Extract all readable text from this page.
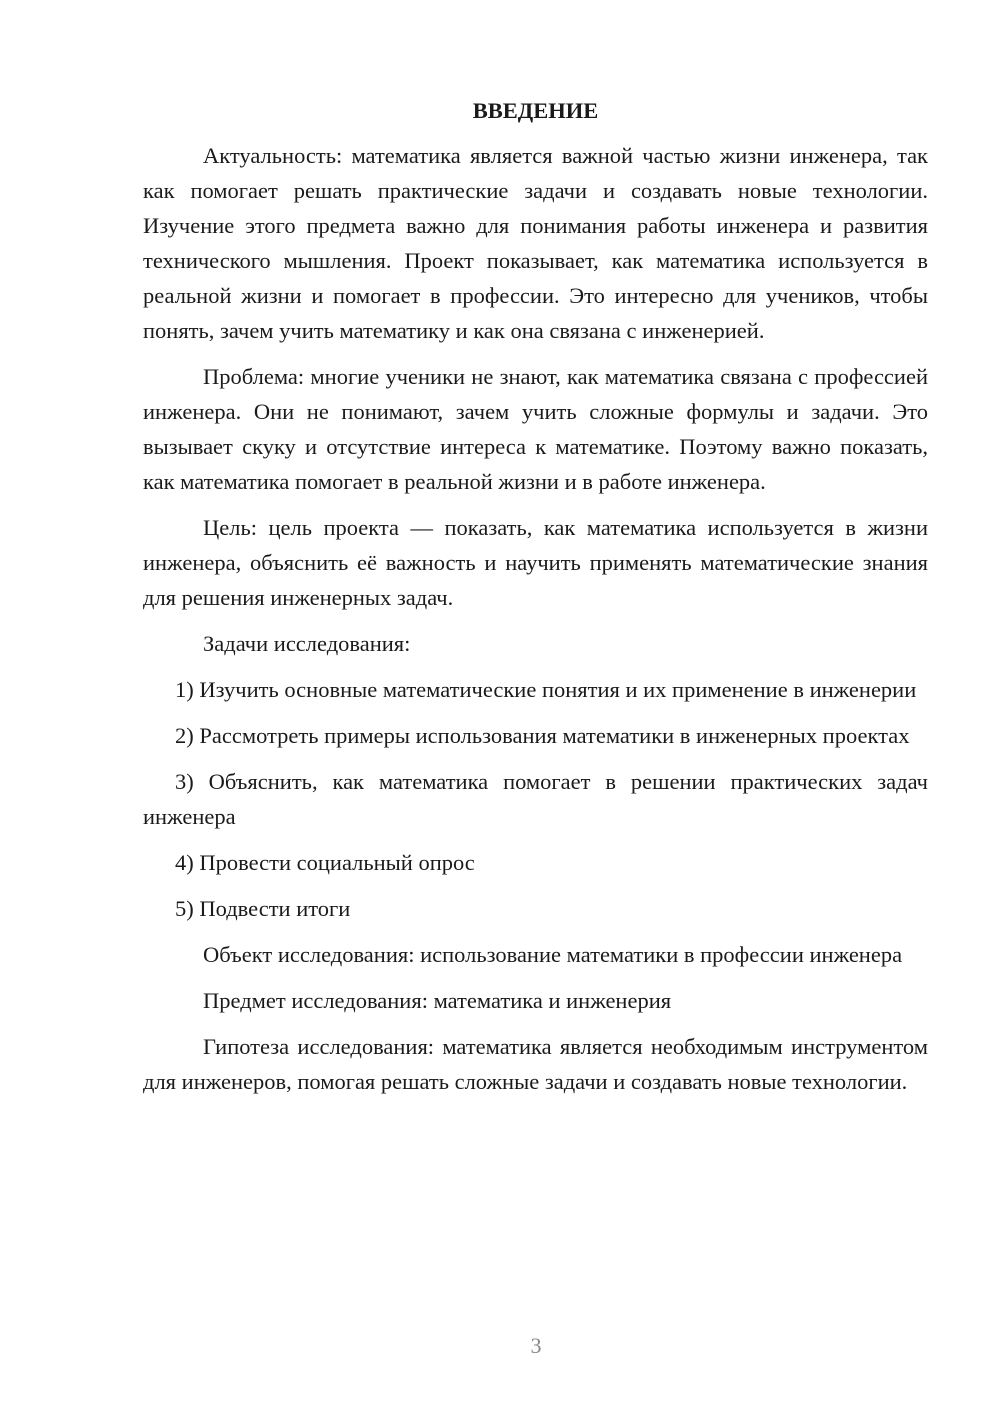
ВВЕДЕНИЕ

Актуальность: математика является важной частью жизни инженера, так как помогает решать практические задачи и создавать новые технологии. Изучение этого предмета важно для понимания работы инженера и развития технического мышления. Проект показывает, как математика используется в реальной жизни и помогает в профессии. Это интересно для учеников, чтобы понять, зачем учить математику и как она связана с инженерией.

Проблема: многие ученики не знают, как математика связана с профессией инженера. Они не понимают, зачем учить сложные формулы и задачи. Это вызывает скуку и отсутствие интереса к математике. Поэтому важно показать, как математика помогает в реальной жизни и в работе инженера.

Цель: цель проекта — показать, как математика используется в жизни инженера, объяснить её важность и научить применять математические знания для решения инженерных задач.

Задачи исследования:

1) Изучить основные математические понятия и их применение в инженерии

2) Рассмотреть примеры использования математики в инженерных проектах

3) Объяснить, как математика помогает в решении практических задач инженера

4) Провести социальный опрос

5) Подвести итоги

Объект исследования: использование математики в профессии инженера

Предмет исследования: математика и инженерия

Гипотеза исследования: математика является необходимым инструментом для инженеров, помогая решать сложные задачи и создавать новые технологии.

3
